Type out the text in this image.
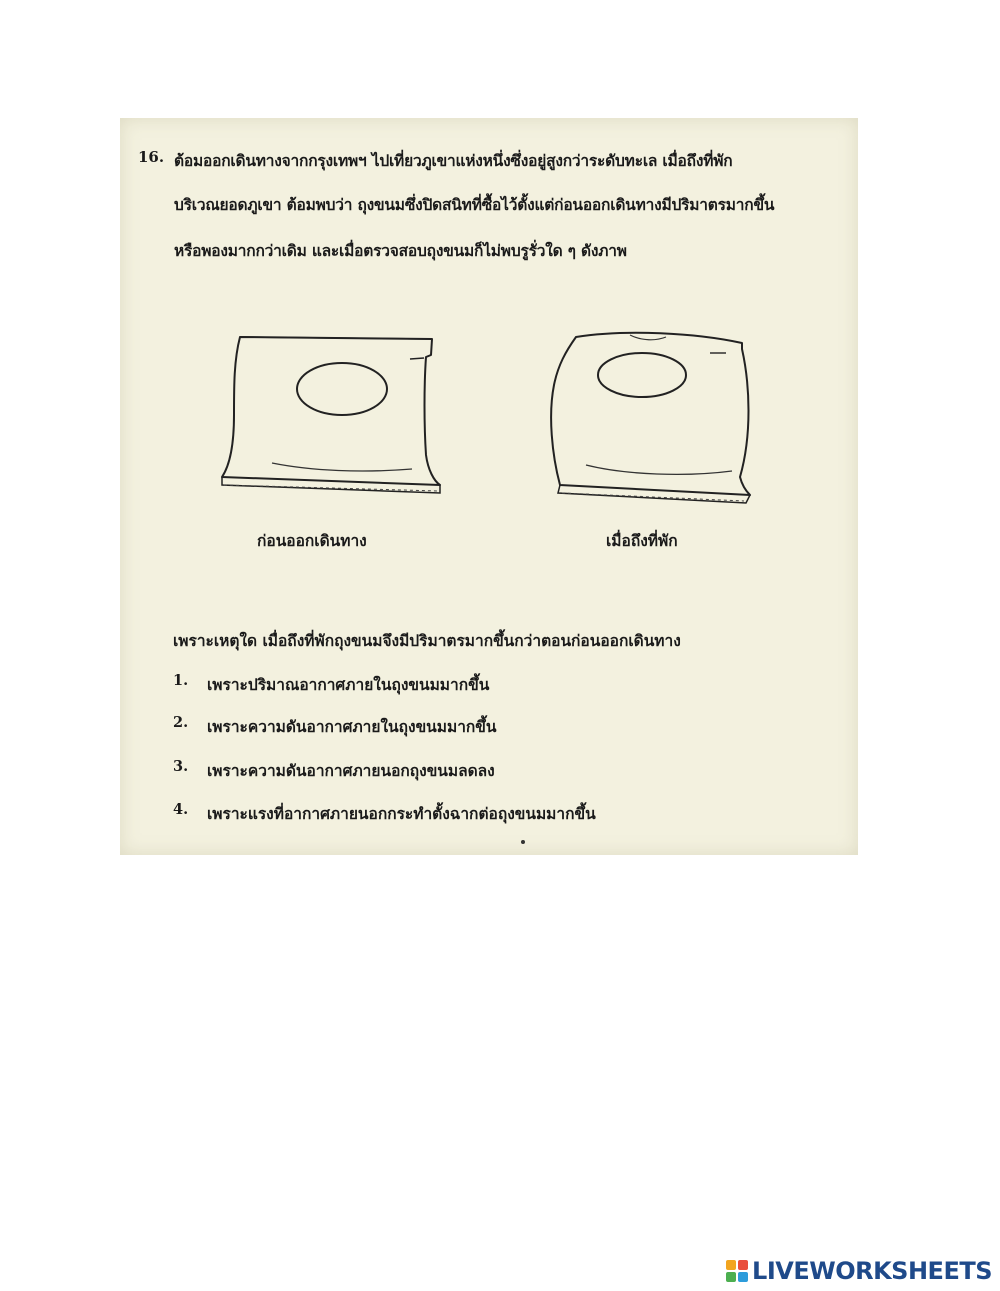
16. ต้อมออกเดินทางจากกรุงเทพฯ ไปเที่ยวภูเขาแห่งหนึ่งซึ่งอยู่สูงกว่าระดับทะเล เมื่อถึงที่พัก
บริเวณยอดภูเขา ต้อมพบว่า ถุงขนมซึ่งปิดสนิทที่ซื้อไว้ตั้งแต่ก่อนออกเดินทางมีปริมาตรมากขึ้น
หรือพองมากกว่าเดิม และเมื่อตรวจสอบถุงขนมก็ไม่พบรูรั่วใด ๆ ดังภาพ
ก่อนออกเดินทาง	เมื่อถึงที่พัก
เพราะเหตุใด เมื่อถึงที่พักถุงขนมจึงมีปริมาตรมากขึ้นกว่าตอนก่อนออกเดินทาง
1. เพราะปริมาณอากาศภายในถุงขนมมากขึ้น
2. เพราะความดันอากาศภายในถุงขนมมากขึ้น
3. เพราะความดันอากาศภายนอกถุงขนมลดลง
4. เพราะแรงที่อากาศภายนอกกระทำตั้งฉากต่อถุงขนมมากขึ้น
LIVEWORKSHEETS
